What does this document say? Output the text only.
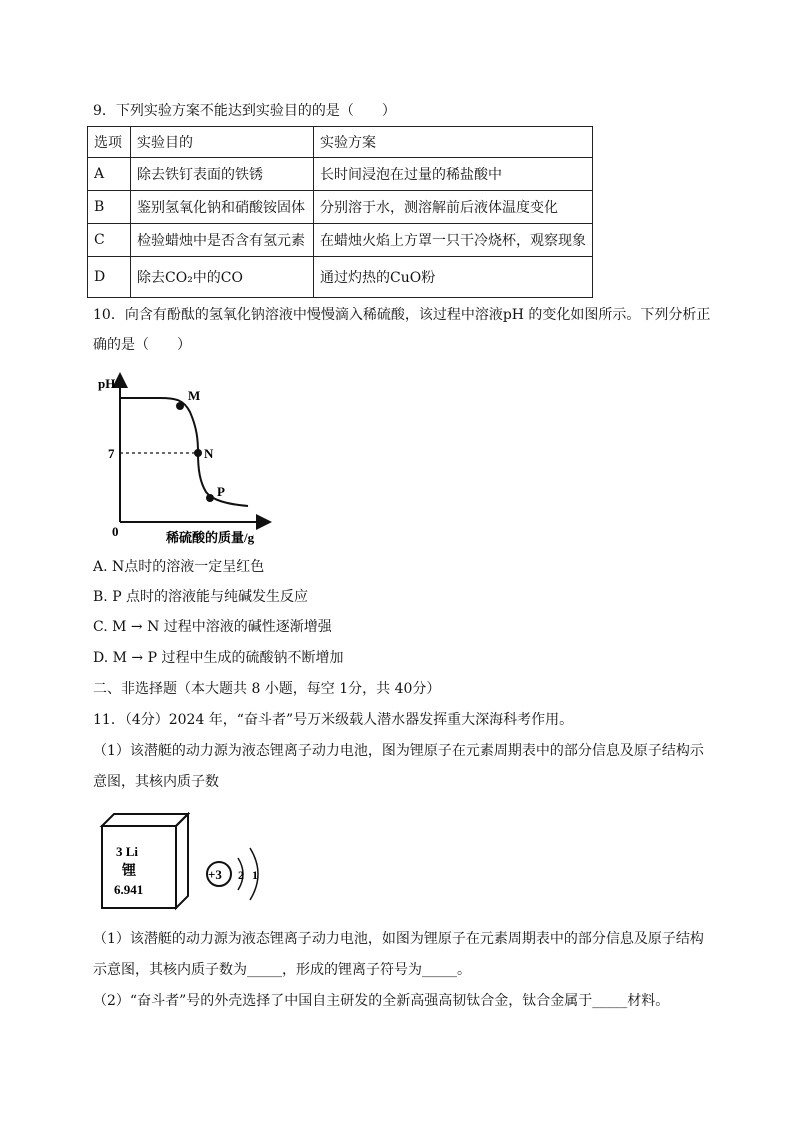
9．下列实验方案不能达到实验目的的是（　　）
选项	实验目的	实验方案
A	除去铁钉表面的铁锈	长时间浸泡在过量的稀盐酸中
B	鉴别氢氧化钠和硝酸铵固体	分别溶于水，测溶解前后液体温度变化
C	检验蜡烛中是否含有氢元素	在蜡烛火焰上方罩一只干冷烧杯，观察现象
D	除去CO₂中的CO	通过灼热的CuO粉
10．向含有酚酞的氢氧化钠溶液中慢慢滴入稀硫酸，该过程中溶液pH 的变化如图所示。下列分析正
确的是（　　）
pH
7
0
M
N
P
稀硫酸的质量/g
A. N点时的溶液一定呈红色
B. P 点时的溶液能与纯碱发生反应
C. M → N 过程中溶液的碱性逐渐增强
D. M → P 过程中生成的硫酸钠不断增加
二、非选择题（本大题共 8 小题，每空 1分，共 40分）
11．（4分）2024 年，“奋斗者”号万米级载人潜水器发挥重大深海科考作用。
（1）该潜艇的动力源为液态锂离子动力电池，图为锂原子在元素周期表中的部分信息及原子结构示
意图，其核内质子数
3 Li
锂
6.941
+3 2 1
（1）该潜艇的动力源为液态锂离子动力电池，如图为锂原子在元素周期表中的部分信息及原子结构
示意图，其核内质子数为_____，形成的锂离子符号为_____。
（2）“奋斗者”号的外壳选择了中国自主研发的全新高强高韧钛合金，钛合金属于_____材料。
